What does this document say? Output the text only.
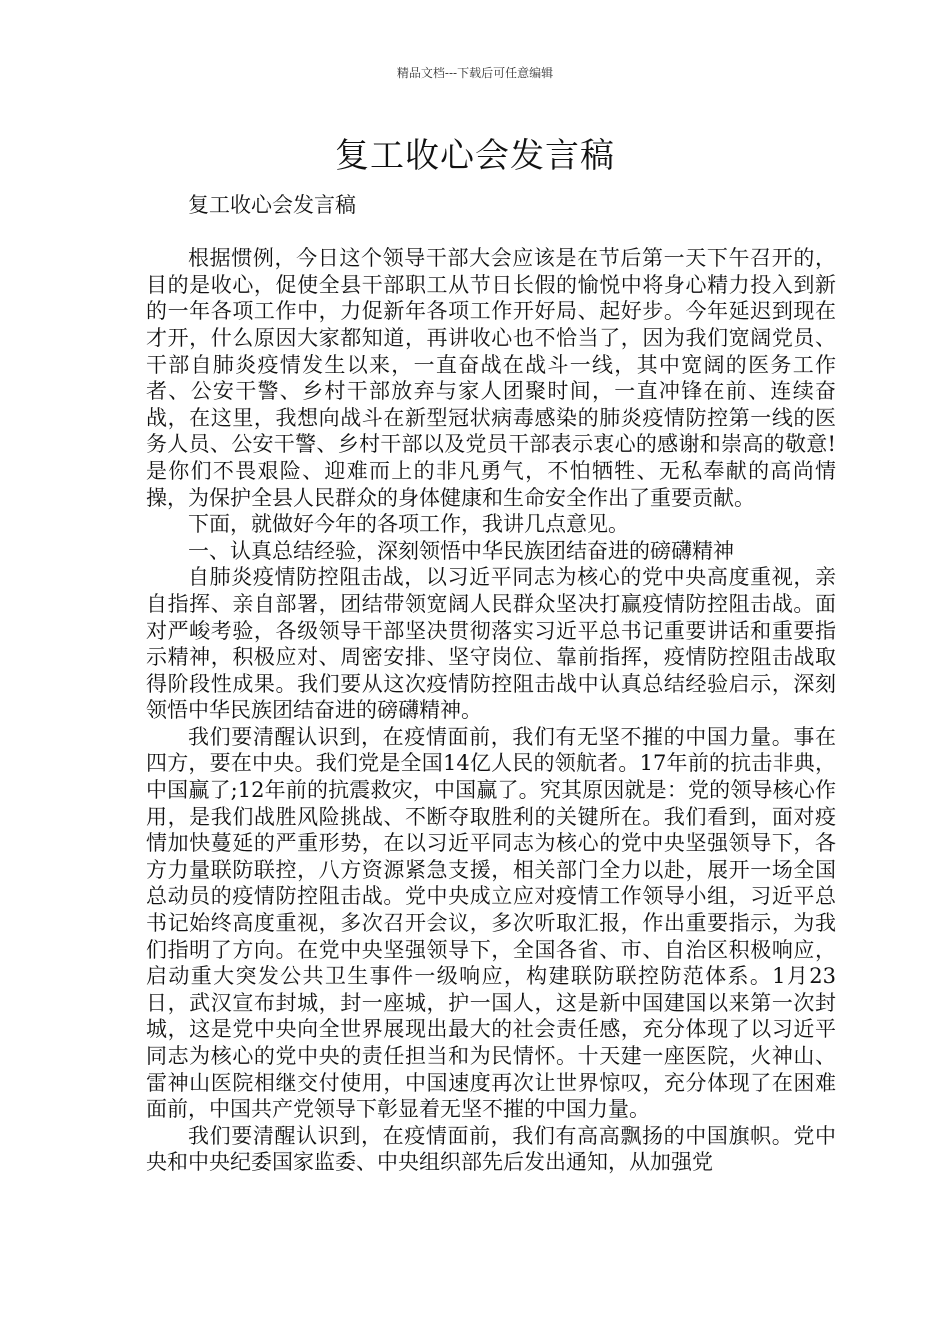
精品文档---下载后可任意编辑
复工收心会发言稿

复工收心会发言稿

根据惯例，今日这个领导干部大会应该是在节后第一天下午召开的，目的是收心，促使全县干部职工从节日长假的愉悦中将身心精力投入到新的一年各项工作中，力促新年各项工作开好局、起好步。今年延迟到现在才开，什么原因大家都知道，再讲收心也不恰当了，因为我们宽阔党员、干部自肺炎疫情发生以来，一直奋战在战斗一线，其中宽阔的医务工作者、公安干警、乡村干部放弃与家人团聚时间，一直冲锋在前、连续奋战，在这里，我想向战斗在新型冠状病毒感染的肺炎疫情防控第一线的医务人员、公安干警、乡村干部以及党员干部表示衷心的感谢和崇高的敬意!是你们不畏艰险、迎难而上的非凡勇气，不怕牺牲、无私奉献的高尚情操，为保护全县人民群众的身体健康和生命安全作出了重要贡献。

下面，就做好今年的各项工作，我讲几点意见。

一、认真总结经验，深刻领悟中华民族团结奋进的磅礴精神

自肺炎疫情防控阻击战，以习近平同志为核心的党中央高度重视，亲自指挥、亲自部署，团结带领宽阔人民群众坚决打赢疫情防控阻击战。面对严峻考验，各级领导干部坚决贯彻落实习近平总书记重要讲话和重要指示精神，积极应对、周密安排、坚守岗位、靠前指挥，疫情防控阻击战取得阶段性成果。我们要从这次疫情防控阻击战中认真总结经验启示，深刻领悟中华民族团结奋进的磅礴精神。

我们要清醒认识到，在疫情面前，我们有无坚不摧的中国力量。事在四方，要在中央。我们党是全国14亿人民的领航者。17年前的抗击非典，中国赢了;12年前的抗震救灾，中国赢了。究其原因就是：党的领导核心作用，是我们战胜风险挑战、不断夺取胜利的关键所在。我们看到，面对疫情加快蔓延的严重形势，在以习近平同志为核心的党中央坚强领导下，各方力量联防联控，八方资源紧急支援，相关部门全力以赴，展开一场全国总动员的疫情防控阻击战。党中央成立应对疫情工作领导小组，习近平总书记始终高度重视，多次召开会议，多次听取汇报，作出重要指示，为我们指明了方向。在党中央坚强领导下，全国各省、市、自治区积极响应，启动重大突发公共卫生事件一级响应，构建联防联控防范体系。1月23日，武汉宣布封城，封一座城，护一国人，这是新中国建国以来第一次封城，这是党中央向全世界展现出最大的社会责任感，充分体现了以习近平同志为核心的党中央的责任担当和为民情怀。十天建一座医院，火神山、雷神山医院相继交付使用，中国速度再次让世界惊叹，充分体现了在困难面前，中国共产党领导下彰显着无坚不摧的中国力量。

我们要清醒认识到，在疫情面前，我们有高高飘扬的中国旗帜。党中央和中央纪委国家监委、中央组织部先后发出通知，从加强党
